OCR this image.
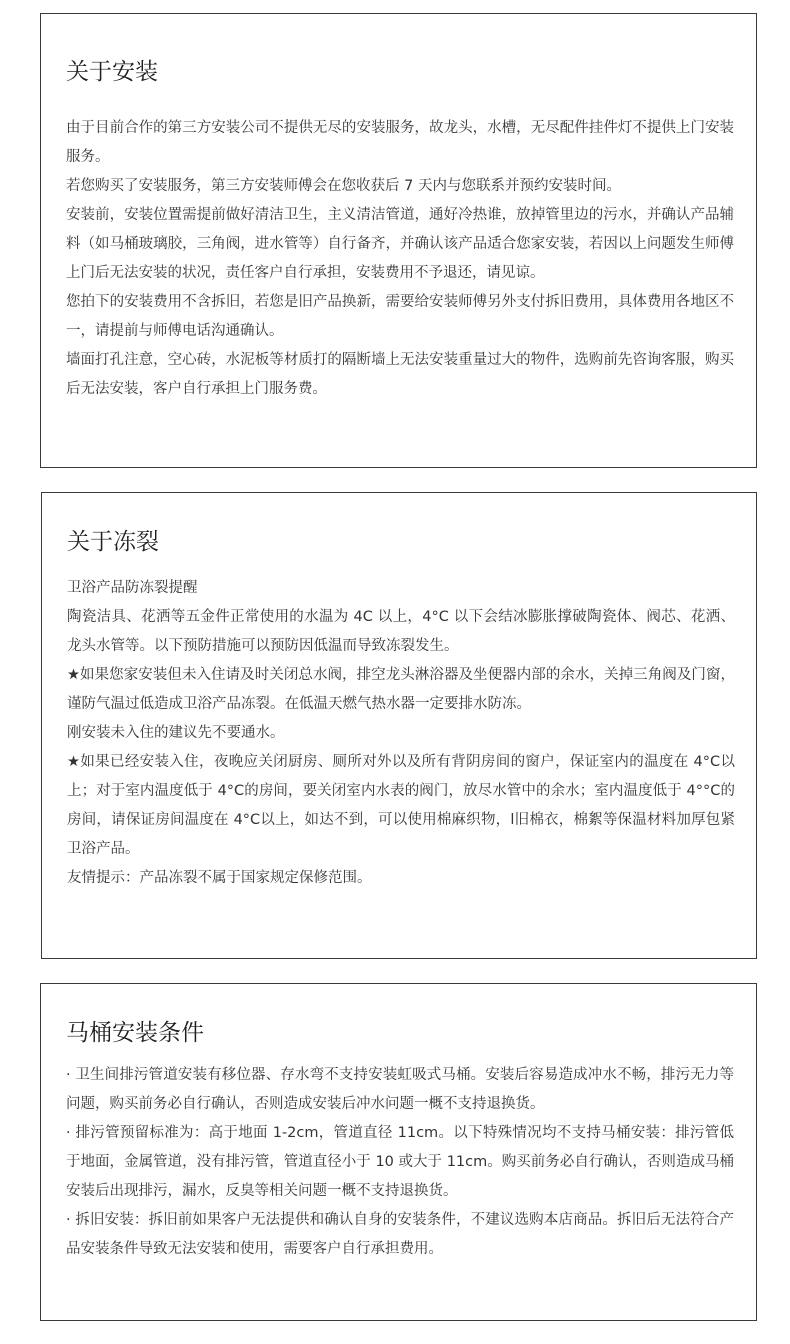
关于安装

由于目前合作的第三方安装公司不提供无尽的安装服务，故龙头，水槽，无尽配件挂件灯不提供上门安装服务。

若您购买了安装服务，第三方安装师傅会在您收获后 7 天内与您联系并预约安装时间。

安装前，安装位置需提前做好清洁卫生，主义清洁管道，通好冷热谁，放掉管里边的污水，并确认产品辅料（如马桶玻璃胶，三角阀，进水管等）自行备齐，并确认该产品适合您家安装，若因以上问题发生师傅上门后无法安装的状况，责任客户自行承担，安装费用不予退还，请见谅。

您拍下的安装费用不含拆旧，若您是旧产品换新，需要给安装师傅另外支付拆旧费用，具体费用各地区不一，请提前与师傅电话沟通确认。

墙面打孔注意，空心砖，水泥板等材质打的隔断墙上无法安装重量过大的物件，选购前先咨询客服，购买后无法安装，客户自行承担上门服务费。

关于冻裂

卫浴产品防冻裂提醒

陶瓷洁具、花洒等五金件正常使用的水温为 4C 以上，4°C 以下会结冰膨胀撑破陶瓷体、阀芯、花洒、龙头水管等。以下预防措施可以预防因低温而导致冻裂发生。

★如果您家安装但未入住请及时关闭总水阀，排空龙头淋浴器及坐便器内部的余水，关掉三角阀及门窗，谨防气温过低造成卫浴产品冻裂。在低温天燃气热水器一定要排水防冻。

刚安装未入住的建议先不要通水。

★如果已经安装入住，夜晚应关闭厨房、厕所对外以及所有背阴房间的窗户，保证室内的温度在 4°C以上；对于室内温度低于 4°C的房间，要关闭室内水表的阀门，放尽水管中的余水；室内温度低于 4°°C的房间，请保证房间温度在 4°C以上，如达不到，可以使用棉麻织物，l旧棉衣，棉絮等保温材料加厚包紧卫浴产品。

友情提示：产品冻裂不属于国家规定保修范围。

马桶安装条件

· 卫生间排污管道安装有移位器、存水弯不支持安装虹吸式马桶。安装后容易造成冲水不畅，排污无力等问题，购买前务必自行确认，否则造成安装后冲水问题一概不支持退换货。

· 排污管预留标准为：高于地面 1-2cm，管道直径 11cm。以下特殊情况均不支持马桶安装：排污管低于地面，金属管道，没有排污管，管道直径小于 10 或大于 11cm。购买前务必自行确认，否则造成马桶安装后出现排污，漏水，反臭等相关问题一概不支持退换货。

· 拆旧安装：拆旧前如果客户无法提供和确认自身的安装条件，不建议选购本店商品。拆旧后无法符合产品安装条件导致无法安装和使用，需要客户自行承担费用。
